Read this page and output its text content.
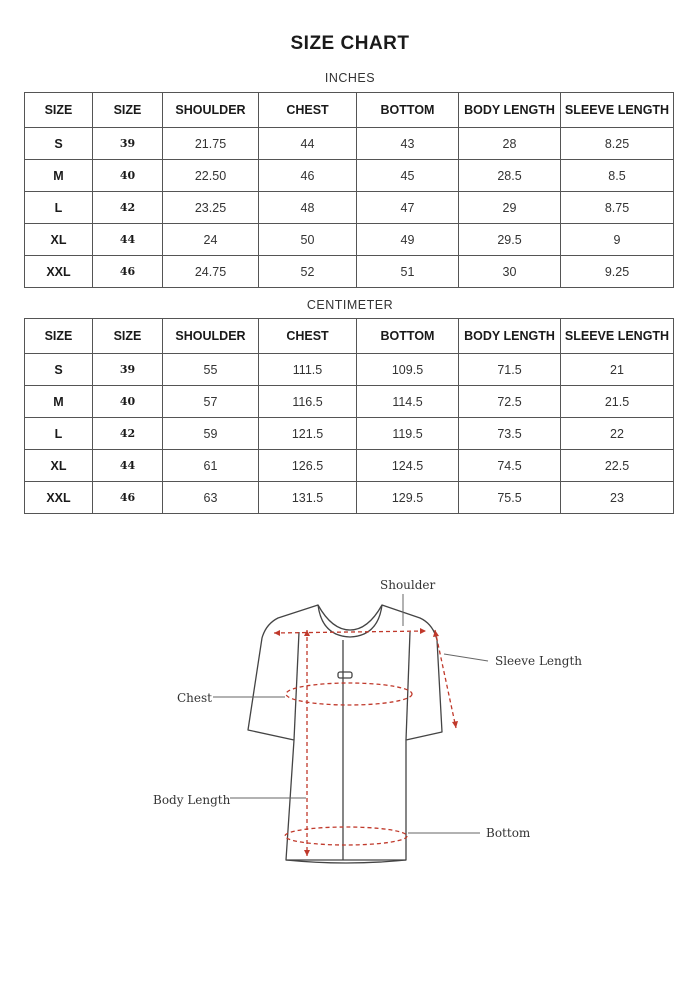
SIZE CHART
INCHES
SIZE	SIZE	SHOULDER	CHEST	BOTTOM	BODY LENGTH	SLEEVE LENGTH
S	39	21.75	44	43	28	8.25
M	40	22.50	46	45	28.5	8.5
L	42	23.25	48	47	29	8.75
XL	44	24	50	49	29.5	9
XXL	46	24.75	52	51	30	9.25
CENTIMETER
SIZE	SIZE	SHOULDER	CHEST	BOTTOM	BODY LENGTH	SLEEVE LENGTH
S	39	55	111.5	109.5	71.5	21
M	40	57	116.5	114.5	72.5	21.5
L	42	59	121.5	119.5	73.5	22
XL	44	61	126.5	124.5	74.5	22.5
XXL	46	63	131.5	129.5	75.5	23
Shoulder
Sleeve Length
Chest
Body Length
Bottom
